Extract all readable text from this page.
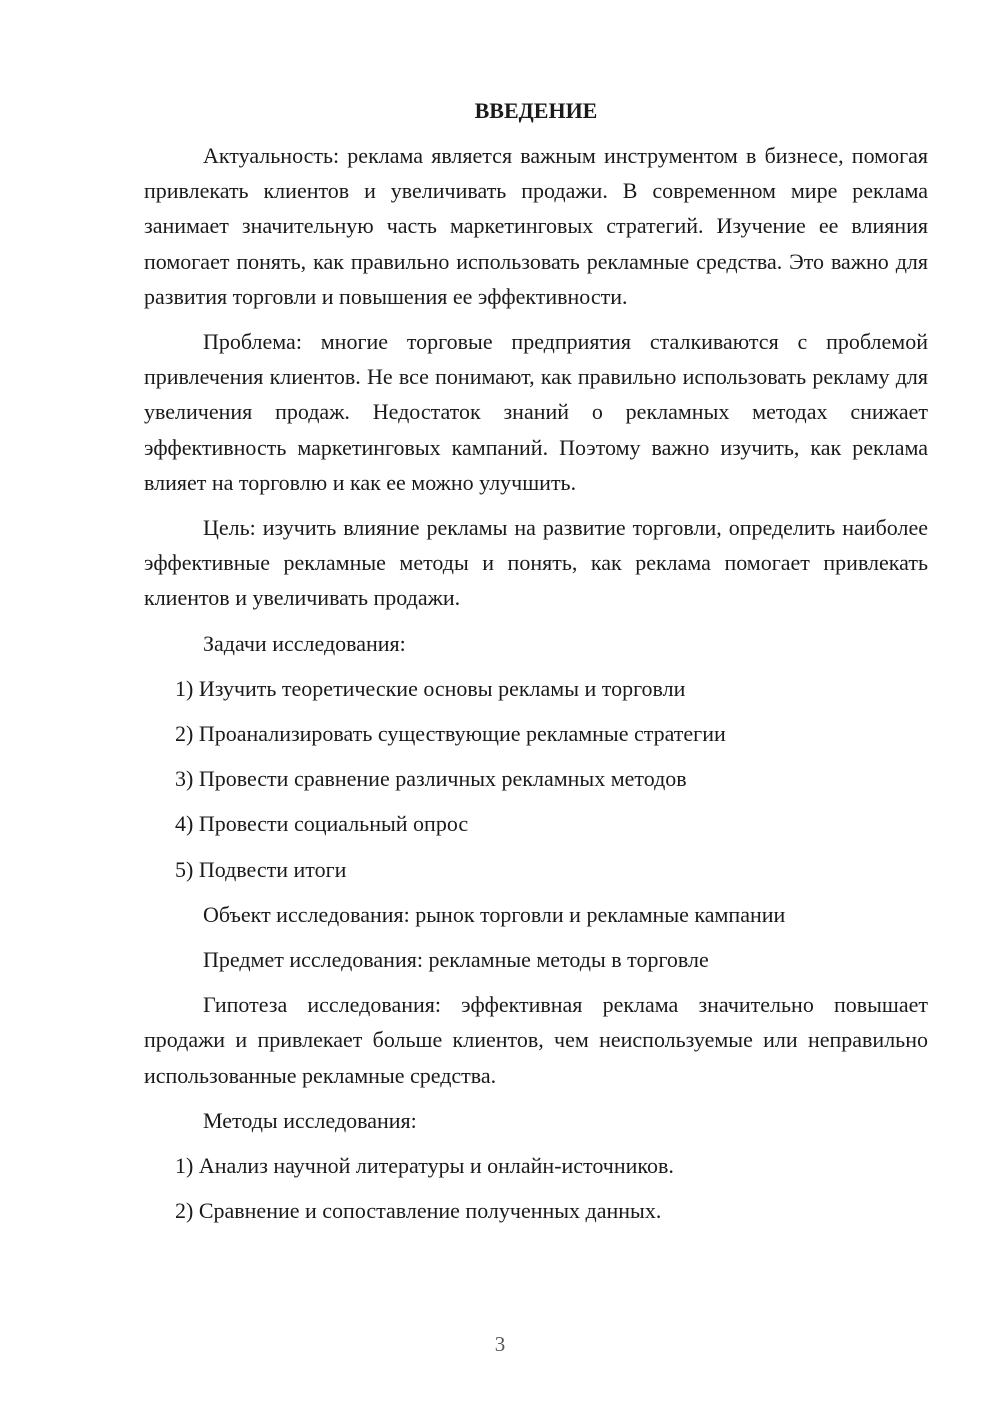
ВВЕДЕНИЕ

Актуальность: реклама является важным инструментом в бизнесе, помогая привлекать клиентов и увеличивать продажи. В современном мире реклама занимает значительную часть маркетинговых стратегий. Изучение ее влияния помогает понять, как правильно использовать рекламные средства. Это важно для развития торговли и повышения ее эффективности.

Проблема: многие торговые предприятия сталкиваются с проблемой привлечения клиентов. Не все понимают, как правильно использовать рекламу для увеличения продаж. Недостаток знаний о рекламных методах снижает эффективность маркетинговых кампаний. Поэтому важно изучить, как реклама влияет на торговлю и как ее можно улучшить.

Цель: изучить влияние рекламы на развитие торговли, определить наиболее эффективные рекламные методы и понять, как реклама помогает привлекать клиентов и увеличивать продажи.

Задачи исследования:
1) Изучить теоретические основы рекламы и торговли
2) Проанализировать существующие рекламные стратегии
3) Провести сравнение различных рекламных методов
4) Провести социальный опрос
5) Подвести итоги
Объект исследования: рынок торговли и рекламные кампании
Предмет исследования: рекламные методы в торговле

Гипотеза исследования: эффективная реклама значительно повышает продажи и привлекает больше клиентов, чем неиспользуемые или неправильно использованные рекламные средства.

Методы исследования:
1) Анализ научной литературы и онлайн-источников.
2) Сравнение и сопоставление полученных данных.
3
